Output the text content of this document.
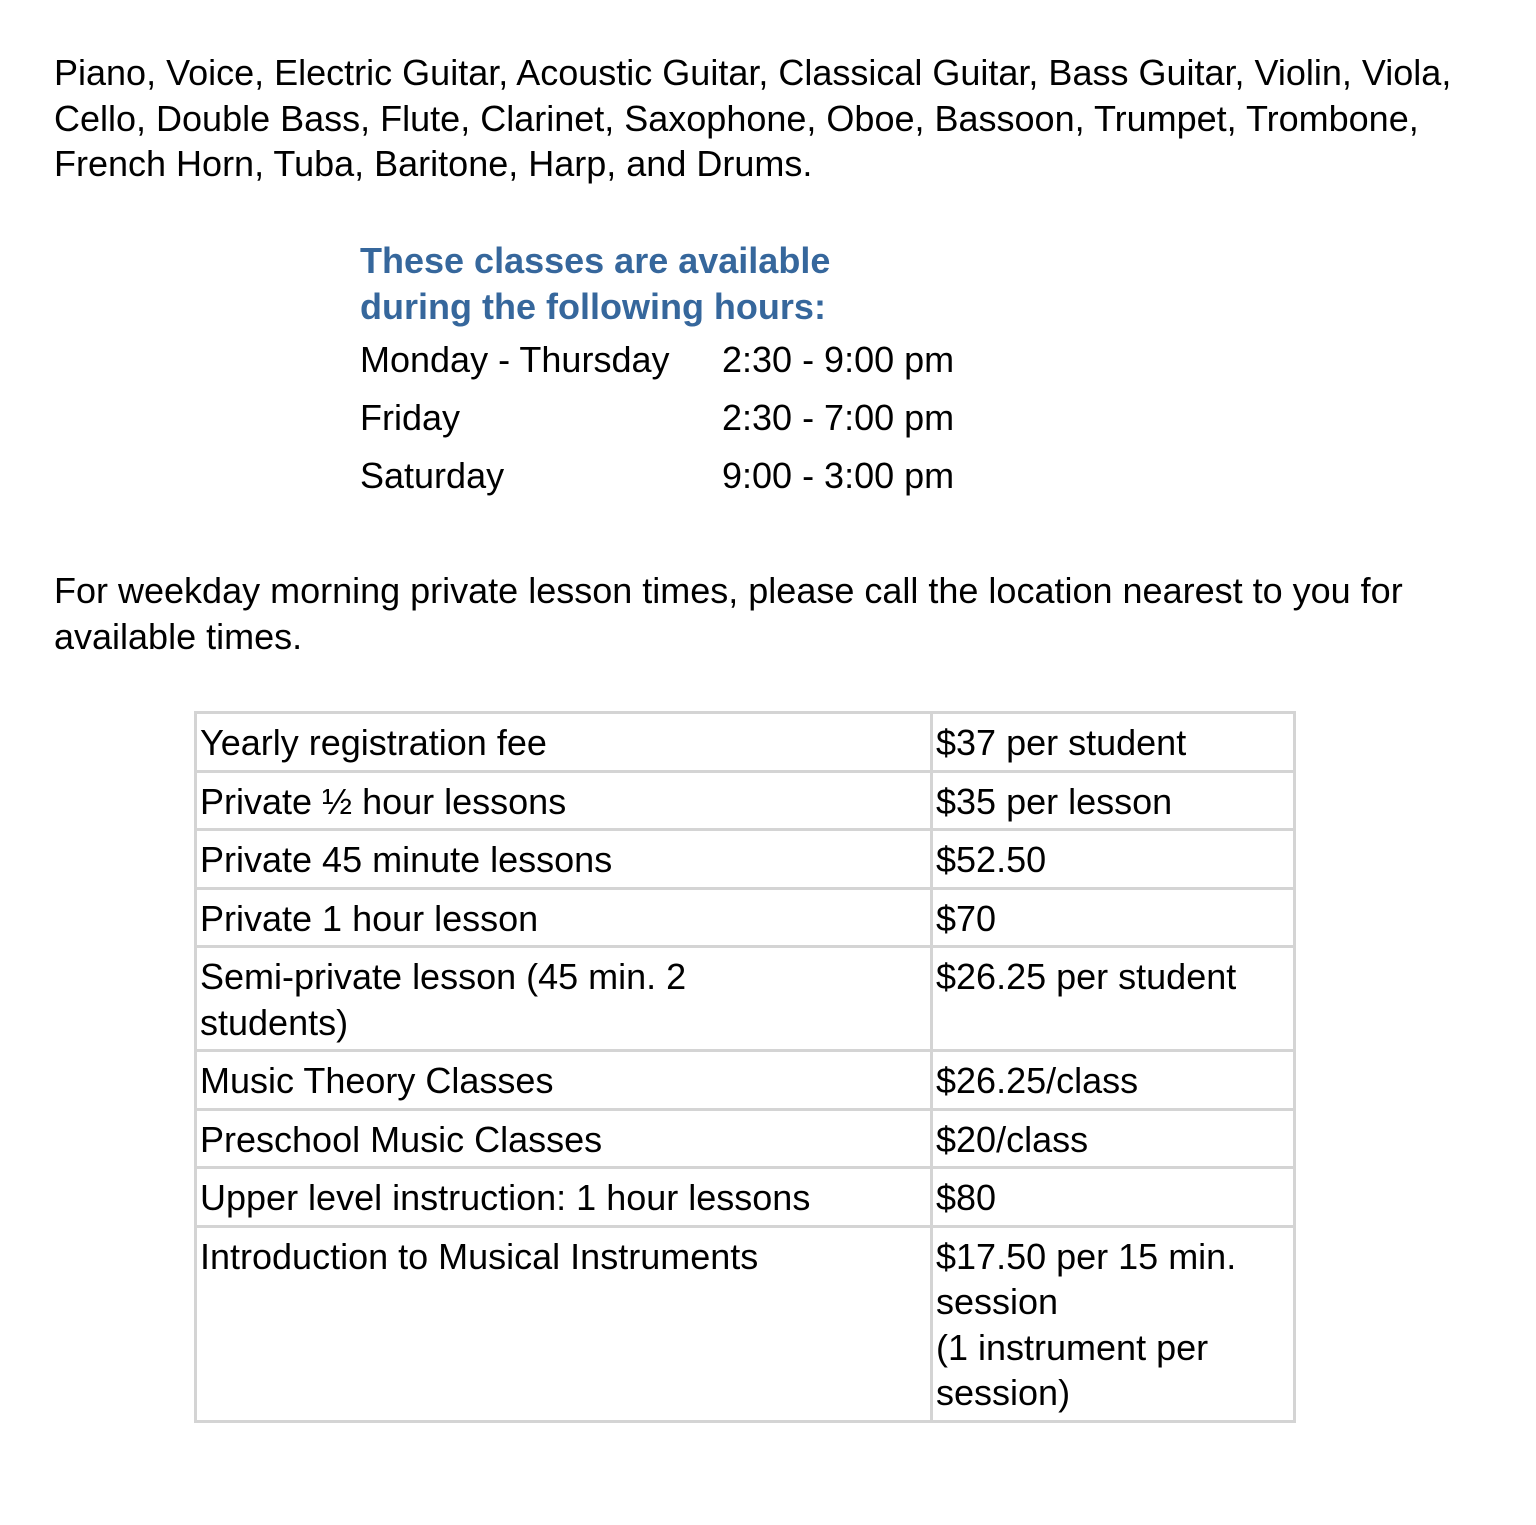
Piano, Voice, Electric Guitar, Acoustic Guitar, Classical Guitar, Bass Guitar, Violin, Viola, Cello, Double Bass, Flute, Clarinet, Saxophone, Oboe, Bassoon, Trumpet, Trombone, French Horn, Tuba, Baritone, Harp, and Drums.

These classes are available
during the following hours:

Monday - Thursday	2:30 - 9:00 pm
Friday	2:30 - 7:00 pm
Saturday	9:00 - 3:00 pm

For weekday morning private lesson times, please call the location nearest to you for available times.

Yearly registration fee	$37 per student
Private ½ hour lessons	$35 per lesson
Private 45 minute lessons	$52.50
Private 1 hour lesson	$70
Semi-private lesson (45 min. 2 students)	$26.25 per student
Music Theory Classes	$26.25/class
Preschool Music Classes	$20/class
Upper level instruction: 1 hour lessons	$80
Introduction to Musical Instruments	$17.50 per 15 min. session
(1 instrument per session)
